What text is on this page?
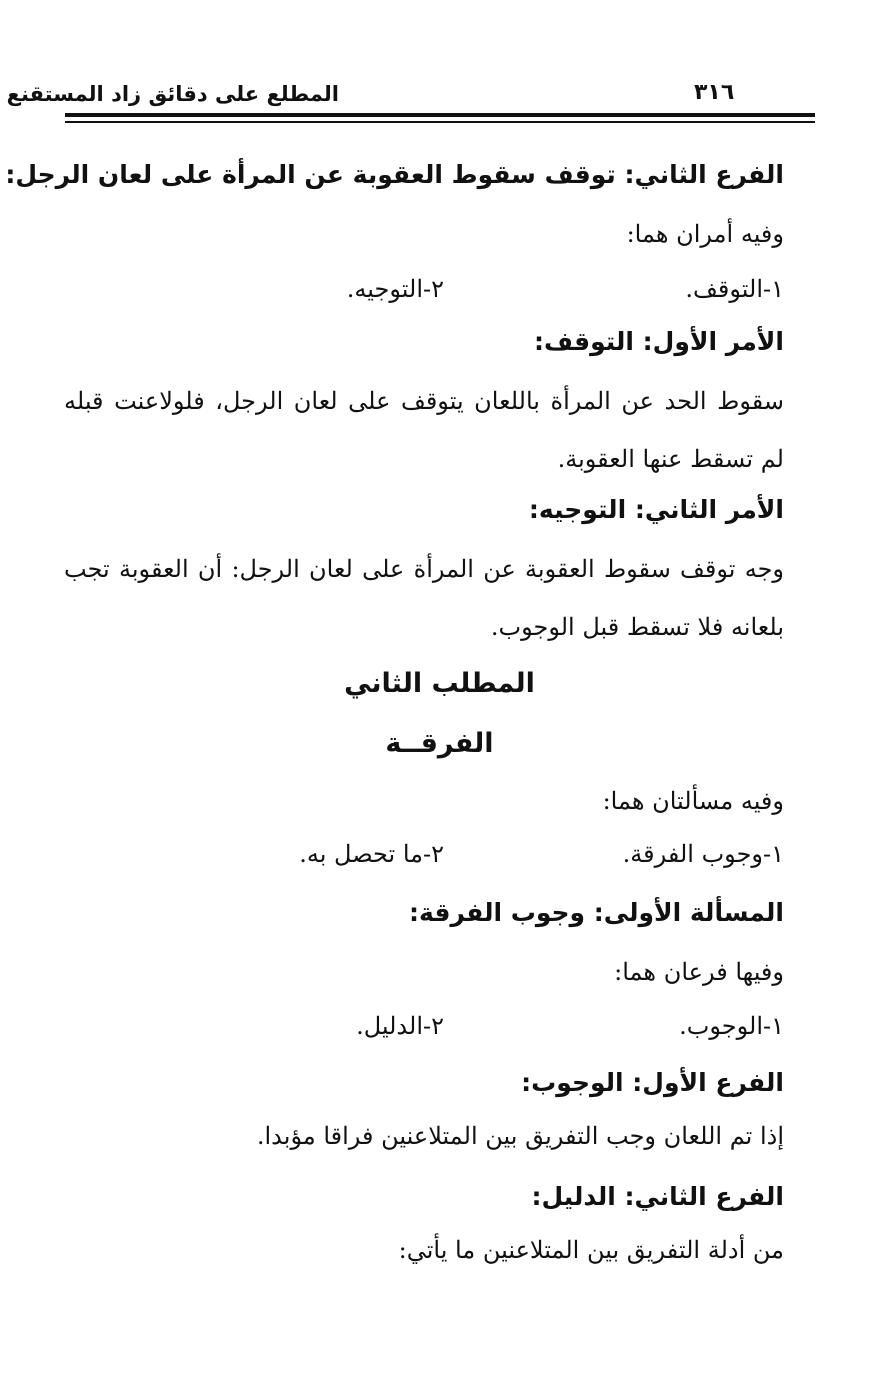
٣١٦
المطلع على دقائق زاد المستقنع
الفرع الثاني: توقف سقوط العقوبة عن المرأة على لعان الرجل:
وفيه أمران هما:
١-التوقف.
٢-التوجيه.
الأمر الأول: التوقف:
سقوط الحد عن المرأة باللعان يتوقف على لعان الرجل، فلولاعنت قبله لم تسقط عنها العقوبة.
الأمر الثاني: التوجيه:
وجه توقف سقوط العقوبة عن المرأة على لعان الرجل: أن العقوبة تجب بلعانه فلا تسقط قبل الوجوب.
المطلب الثاني
الفرقــة
وفيه مسألتان هما:
١-وجوب الفرقة.
٢-ما تحصل به.
المسألة الأولى: وجوب الفرقة:
وفيها فرعان هما:
١-الوجوب.
٢-الدليل.
الفرع الأول: الوجوب:
إذا تم اللعان وجب التفريق بين المتلاعنين فراقا مؤبدا.
الفرع الثاني: الدليل:
من أدلة التفريق بين المتلاعنين ما يأتي:
